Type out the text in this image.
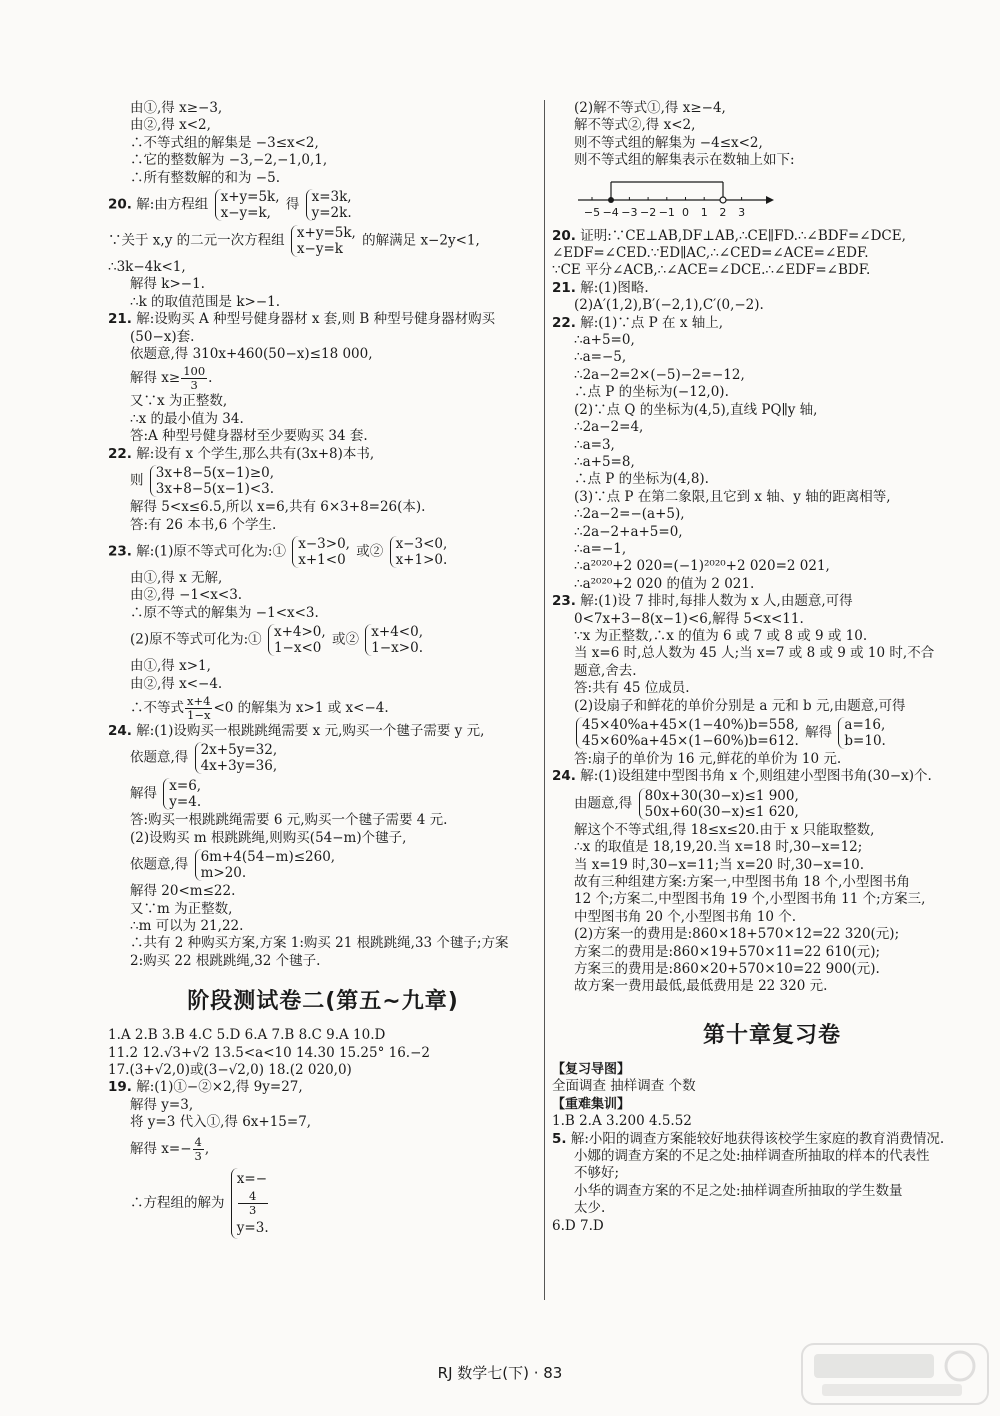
由①,得 x≥−3,
由②,得 x<2,
∴不等式组的解集是 −3≤x<2,
∴它的整数解为 −3,−2,−1,0,1,
∴所有整数解的和为 −5.
20. 解:由方程组 x+y=5k,
x−y=k,
得 x=3k,
y=2k.
∵关于 x,y 的二元一次方程组 x+y=5k,
x−y=k
的解满足 x−2y<1,
∴3k−4k<1,
解得 k>−1.
∴k 的取值范围是 k>−1.
21. 解:设购买 A 种型号健身器材 x 套,则 B 种型号健身器材购买
(50−x)套.
依题意,得 310x+460(50−x)≤18 000,
解得 $x\ge \frac{100}{3}$ .
又∵x 为正整数,
∴x 的最小值为 34.
答:A 种型号健身器材至少要购买 34 套.
22. 解:设有 x 个学生,那么共有(3x+8)本书,
则 3x+8−5(x−1)≥0,
3x+8−5(x−1)<3.
解得 5<x≤6.5,所以 x=6,共有 6×3+8=26(本).
答:有 26 本书,6 个学生.
23. 解:(1)原不等式可化为:① x−3>0,
x+1<0
或② x−3<0,
x+1>0.
由①,得 x 无解,
由②,得 −1<x<3.
∴原不等式的解集为 −1<x<3.
(2)原不等式可化为:① x+4>0,
1−x<0
或② x+4<0,
1−x>0.
由①,得 x>1,
由②,得 x<−4.
∴不等式 $\frac{x+4}{1-x} <0$ 的解集为 x>1 或 x<−4.
24. 解:(1)设购买一根跳跳绳需要 x 元,购买一个毽子需要 y 元,
依题意,得 2x+5y=32,
4x+3y=36,
解得 x=6,
y=4.
答:购买一根跳跳绳需要 6 元,购买一个毽子需要 4 元.
(2)设购买 m 根跳跳绳,则购买(54−m)个毽子,
依题意,得 6m+4(54−m)≤260,
m>20.
解得 20<m≤22.
又∵m 为正整数,
∴m 可以为 21,22.
∴共有 2 种购买方案,方案 1:购买 21 根跳跳绳,33 个毽子;方案
2:购买 22 根跳跳绳,32 个毽子.
阶段测试卷二(第五~九章)
1.A 2.B 3.B 4.C 5.D 6.A 7.B 8.C 9.A 10.D
11.2 12.√3+√2 13.5<a<10 14.30 15.25° 16.−2
17.(3+√2,0)或(3−√2,0) 18.(2 020,0)
19. 解:(1)①−②×2,得 9y=27,
解得 y=3,
将 y=3 代入①,得 6x+15=7,
解得 $x=- \frac{4}{3}$ ,
∴方程组的解为
x=−
4
3
y=3.
(2)解不等式①,得 x≥−4,
解不等式②,得 x<2,
则不等式组的解集为 −4≤x<2,
则不等式组的解集表示在数轴上如下:
−5 −4 −3 −2 −1 0 1 2 3
20. 证明:∵CE⊥AB,DF⊥AB,∴CE∥FD.∴∠BDF=∠DCE,
∠EDF=∠CED.∵ED∥AC,∴∠CED=∠ACE=∠EDF.
∵CE 平分∠ACB,∴∠ACE=∠DCE.∴∠EDF=∠BDF.
21. 解:(1)图略.
(2)A′(1,2),B′(−2,1),C′(0,−2).
22. 解:(1)∵点 P 在 x 轴上,
∴a+5=0,
∴a=−5,
∴2a−2=2×(−5)−2=−12,
∴点 P 的坐标为(−12,0).
(2)∵点 Q 的坐标为(4,5),直线 PQ∥y 轴,
∴2a−2=4,
∴a=3,
∴a+5=8,
∴点 P 的坐标为(4,8).
(3)∵点 P 在第二象限,且它到 x 轴、y 轴的距离相等,
∴2a−2=−(a+5),
∴2a−2+a+5=0,
∴a=−1,
∴a²⁰²⁰+2 020=(−1)²⁰²⁰+2 020=2 021,
∴a²⁰²⁰+2 020 的值为 2 021.
23. 解:(1)设 7 排时,每排人数为 x 人,由题意,可得
0<7x+3−8(x−1)<6,解得 5<x<11.
∵x 为正整数,∴x 的值为 6 或 7 或 8 或 9 或 10.
当 x=6 时,总人数为 45 人;当 x=7 或 8 或 9 或 10 时,不合
题意,舍去.
答:共有 45 位成员.
(2)设扇子和鲜花的单价分别是 a 元和 b 元,由题意,可得
45×40%a+45×(1−40%)b=558,
45×60%a+45×(1−60%)b=612.
解得 a=16,
b=10.
答:扇子的单价为 16 元,鲜花的单价为 10 元.
24. 解:(1)设组建中型图书角 x 个,则组建小型图书角(30−x)个.
由题意,得 80x+30(30−x)≤1 900,
50x+60(30−x)≤1 620,
解这个不等式组,得 18≤x≤20.由于 x 只能取整数,
∴x 的取值是 18,19,20.当 x=18 时,30−x=12;
当 x=19 时,30−x=11;当 x=20 时,30−x=10.
故有三种组建方案:方案一,中型图书角 18 个,小型图书角
12 个;方案二,中型图书角 19 个,小型图书角 11 个;方案三,
中型图书角 20 个,小型图书角 10 个.
(2)方案一的费用是:860×18+570×12=22 320(元);
方案二的费用是:860×19+570×11=22 610(元);
方案三的费用是:860×20+570×10=22 900(元).
故方案一费用最低,最低费用是 22 320 元.
第十章复习卷
【复习导图】
全面调查 抽样调查 个数
【重难集训】
1.B 2.A 3.200 4.5.52
5. 解:小阳的调查方案能较好地获得该校学生家庭的教育消费情况.
小娜的调查方案的不足之处:抽样调查所抽取的样本的代表性
不够好;
小华的调查方案的不足之处:抽样调查所抽取的学生数量
太少.
6.D 7.D
RJ 数学七(下) · 83
